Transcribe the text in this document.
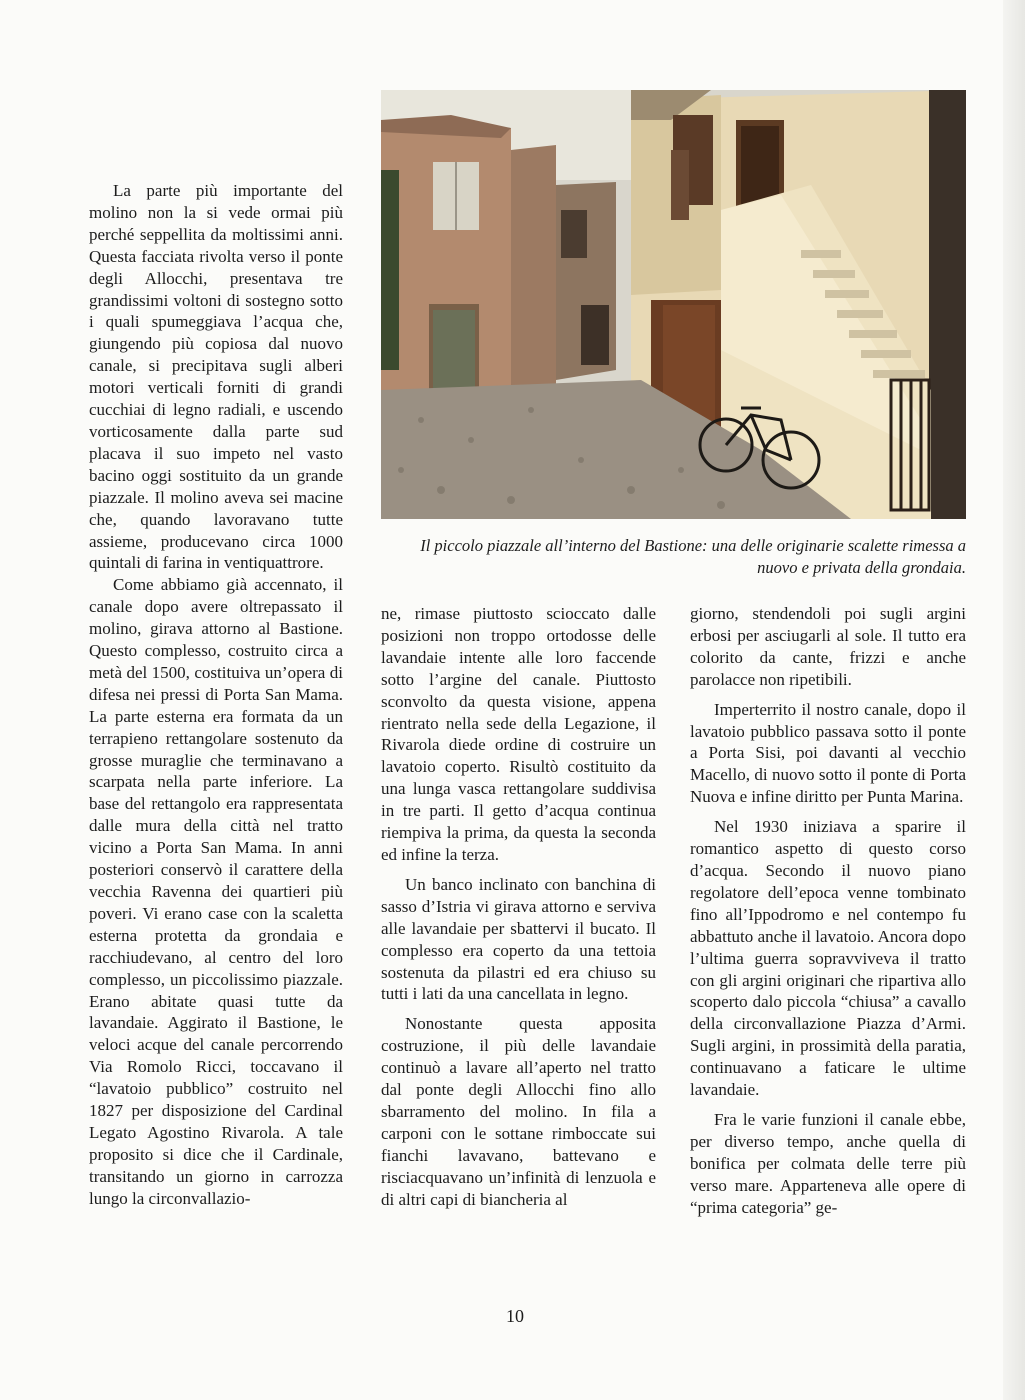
La parte più importante del molino non la si vede ormai più perché seppellita da moltissimi anni. Questa facciata rivolta verso il ponte degli Allocchi, presentava tre grandissimi voltoni di sostegno sotto i quali spumeggiava l’acqua che, giungendo più copiosa dal nuovo canale, si precipitava sugli alberi motori verticali forniti di grandi cucchiai di legno radiali, e uscendo vorticosamente dalla parte sud placava il suo impeto nel vasto bacino oggi sostituito da un grande piazzale. Il molino aveva sei macine che, quando lavoravano tutte assieme, producevano circa 1000 quintali di farina in ventiquattrore.

Come abbiamo già accennato, il canale dopo avere oltrepassato il molino, girava attorno al Bastione. Questo complesso, costruito circa a metà del 1500, costituiva un’opera di difesa nei pressi di Porta San Mama. La parte esterna era formata da un terrapieno rettangolare sostenuto da grosse muraglie che terminavano a scarpata nella parte inferiore. La base del rettangolo era rappresentata dalle mura della città nel tratto vicino a Porta San Mama. In anni posteriori conservò il carattere della vecchia Ravenna dei quartieri più poveri. Vi erano case con la scaletta esterna protetta da grondaia e racchiudevano, al centro del loro complesso, un piccolissimo piazzale. Erano abitate quasi tutte da lavandaie. Aggirato il Bastione, le veloci acque del canale percorrendo Via Romolo Ricci, toccavano il “lavatoio pubblico” costruito nel 1827 per disposizione del Cardinal Legato Agostino Rivarola. A tale proposito si dice che il Cardinale, transitando un giorno in carrozza lungo la circonvallazio-

Il piccolo piazzale all’interno del Bastione: una delle originarie scalette rimessa a nuovo e privata della grondaia.

ne, rimase piuttosto scioccato dalle posizioni non troppo ortodosse delle lavandaie intente alle loro faccende sotto l’argine del canale. Piuttosto sconvolto da questa visione, appena rientrato nella sede della Legazione, il Rivarola diede ordine di costruire un lavatoio coperto. Risultò costituito da una lunga vasca rettangolare suddivisa in tre parti. Il getto d’acqua continua riempiva la prima, da questa la seconda ed infine la terza.

Un banco inclinato con banchina di sasso d’Istria vi girava attorno e serviva alle lavandaie per sbattervi il bucato. Il complesso era coperto da una tettoia sostenuta da pilastri ed era chiuso su tutti i lati da una cancellata in legno.

Nonostante questa apposita costruzione, il più delle lavandaie continuò a lavare all’aperto nel tratto dal ponte degli Allocchi fino allo sbarramento del molino. In fila a carponi con le sottane rimboccate sui fianchi lavavano, battevano e risciacquavano un’infinità di lenzuola e di altri capi di biancheria al

giorno, stendendoli poi sugli argini erbosi per asciugarli al sole. Il tutto era colorito da cante, frizzi e anche parolacce non ripetibili.

Imperterrito il nostro canale, dopo il lavatoio pubblico passava sotto il ponte a Porta Sisi, poi davanti al vecchio Macello, di nuovo sotto il ponte di Porta Nuova e infine diritto per Punta Marina.

Nel 1930 iniziava a sparire il romantico aspetto di questo corso d’acqua. Secondo il nuovo piano regolatore dell’epoca venne tombinato fino all’Ippodromo e nel contempo fu abbattuto anche il lavatoio. Ancora dopo l’ultima guerra sopravviveva il tratto con gli argini originari che ripartiva allo scoperto dalo piccola “chiusa” a cavallo della circonvallazione Piazza d’Armi. Sugli argini, in prossimità della paratia, continuavano a faticare le ultime lavandaie.

Fra le varie funzioni il canale ebbe, per diverso tempo, anche quella di bonifica per colmata delle terre più verso mare. Apparteneva alle opere di “prima categoria” ge-

10
